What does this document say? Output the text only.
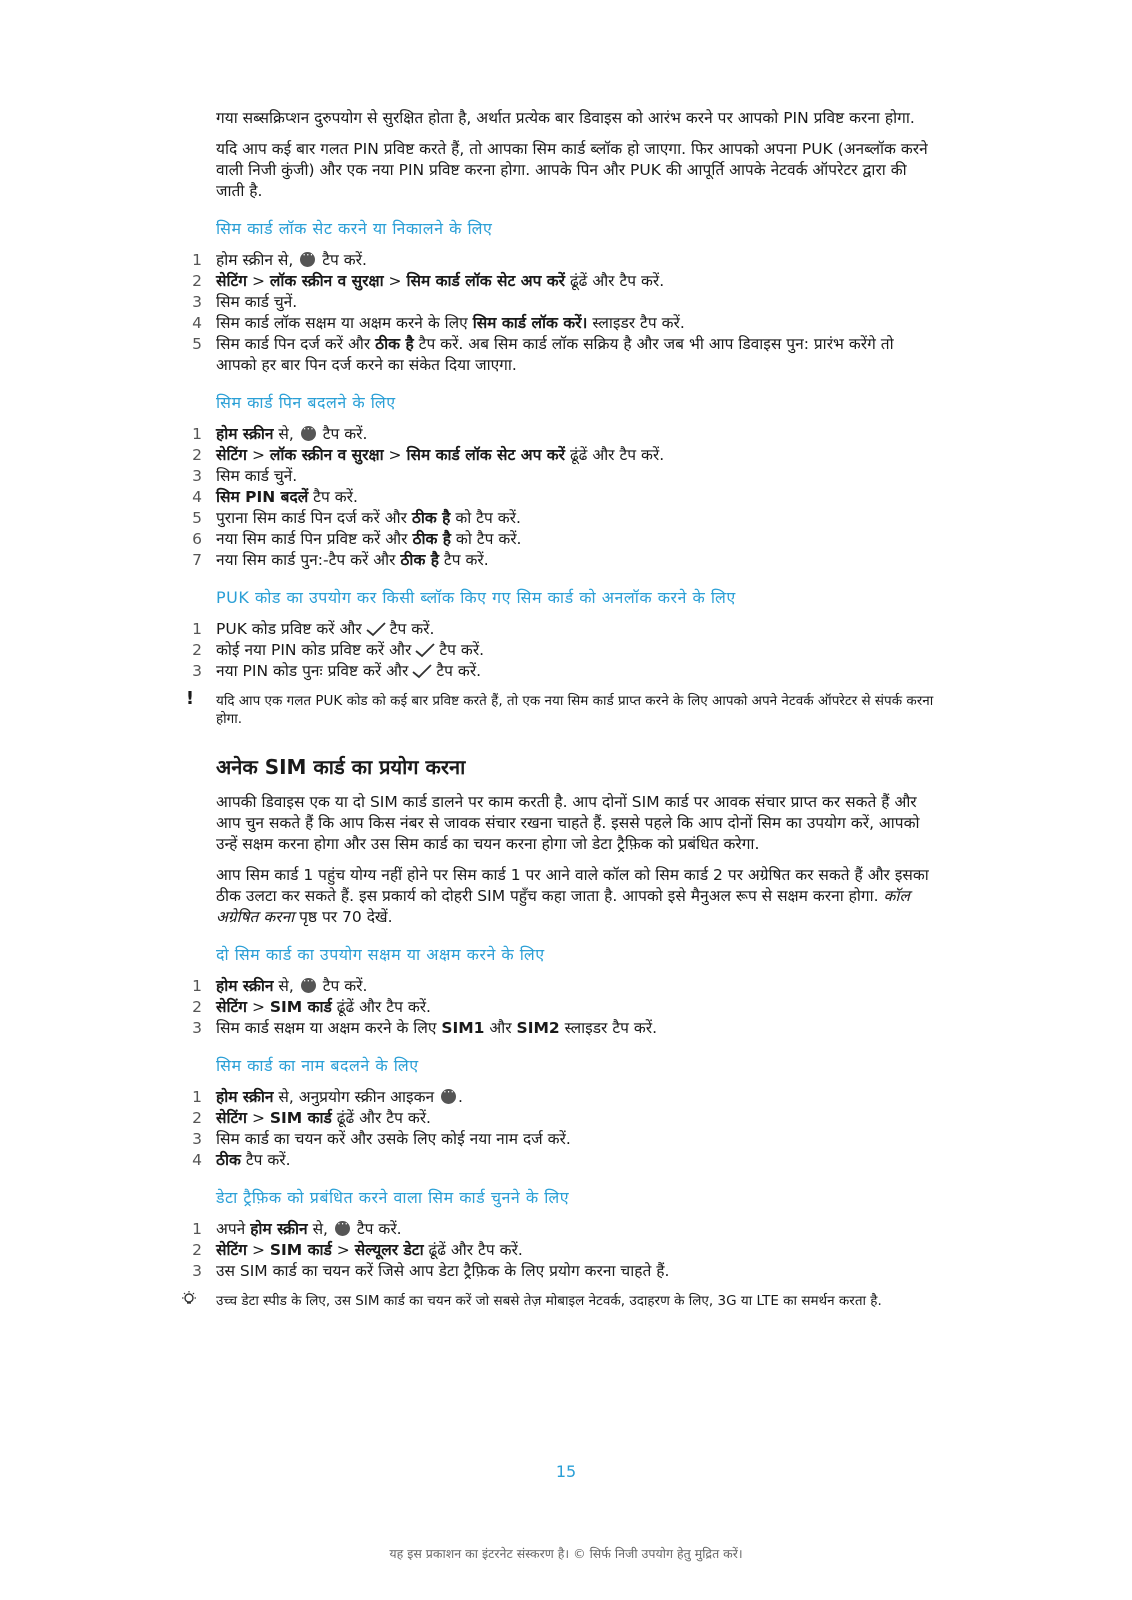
गया सब्सक्रिप्शन दुरुपयोग से सुरक्षित होता है, अर्थात प्रत्येक बार डिवाइस को आरंभ करने पर आपको PIN प्रविष्ट करना होगा.

यदि आप कई बार गलत PIN प्रविष्ट करते हैं, तो आपका सिम कार्ड ब्लॉक हो जाएगा. फिर आपको अपना PUK (अनब्लॉक करने वाली निजी कुंजी) और एक नया PIN प्रविष्ट करना होगा. आपके पिन और PUK की आपूर्ति आपके नेटवर्क ऑपरेटर द्वारा की जाती है.

सिम कार्ड लॉक सेट करने या निकालने के लिए
1 होम स्क्रीन से, ⋯ टैप करें.
2 सेटिंग > लॉक स्क्रीन व सुरक्षा > सिम कार्ड लॉक सेट अप करें ढूंढें और टैप करें.
3 सिम कार्ड चुनें.
4 सिम कार्ड लॉक सक्षम या अक्षम करने के लिए सिम कार्ड लॉक करें। स्लाइडर टैप करें.
5 सिम कार्ड पिन दर्ज करें और ठीक है टैप करें. अब सिम कार्ड लॉक सक्रिय है और जब भी आप डिवाइस पुन: प्रारंभ करेंगे तो आपको हर बार पिन दर्ज करने का संकेत दिया जाएगा.
सिम कार्ड पिन बदलने के लिए
1 होम स्क्रीन से, ⋯ टैप करें.
2 सेटिंग > लॉक स्क्रीन व सुरक्षा > सिम कार्ड लॉक सेट अप करें ढूंढें और टैप करें.
3 सिम कार्ड चुनें.
4 सिम PIN बदलें टैप करें.
5 पुराना सिम कार्ड पिन दर्ज करें और ठीक है को टैप करें.
6 नया सिम कार्ड पिन प्रविष्ट करें और ठीक है को टैप करें.
7 नया सिम कार्ड पुन:-टैप करें और ठीक है टैप करें.
PUK कोड का उपयोग कर किसी ब्लॉक किए गए सिम कार्ड को अनलॉक करने के लिए
1 PUK कोड प्रविष्ट करें और टैप करें.
2 कोई नया PIN कोड प्रविष्ट करें और टैप करें.
3 नया PIN कोड पुनः प्रविष्ट करें और टैप करें.
! यदि आप एक गलत PUK कोड को कई बार प्रविष्ट करते हैं, तो एक नया सिम कार्ड प्राप्त करने के लिए आपको अपने नेटवर्क ऑपरेटर से संपर्क करना होगा.
अनेक SIM कार्ड का प्रयोग करना

आपकी डिवाइस एक या दो SIM कार्ड डालने पर काम करती है. आप दोनों SIM कार्ड पर आवक संचार प्राप्त कर सकते हैं और आप चुन सकते हैं कि आप किस नंबर से जावक संचार रखना चाहते हैं. इससे पहले कि आप दोनों सिम का उपयोग करें, आपको उन्हें सक्षम करना होगा और उस सिम कार्ड का चयन करना होगा जो डेटा ट्रैफ़िक को प्रबंधित करेगा.

आप सिम कार्ड 1 पहुंच योग्य नहीं होने पर सिम कार्ड 1 पर आने वाले कॉल को सिम कार्ड 2 पर अग्रेषित कर सकते हैं और इसका ठीक उलटा कर सकते हैं. इस प्रकार्य को दोहरी SIM पहुँच कहा जाता है. आपको इसे मैनुअल रूप से सक्षम करना होगा. कॉल अग्रेषित करना पृष्ठ पर 70 देखें.

दो सिम कार्ड का उपयोग सक्षम या अक्षम करने के लिए
1 होम स्क्रीन से, ⋯ टैप करें.
2 सेटिंग > SIM कार्ड ढूंढें और टैप करें.
3 सिम कार्ड सक्षम या अक्षम करने के लिए SIM1 और SIM2 स्लाइडर टैप करें.
सिम कार्ड का नाम बदलने के लिए
1 होम स्क्रीन से, अनुप्रयोग स्क्रीन आइकन ⋯ .
2 सेटिंग > SIM कार्ड ढूंढें और टैप करें.
3 सिम कार्ड का चयन करें और उसके लिए कोई नया नाम दर्ज करें.
4 ठीक टैप करें.
डेटा ट्रैफ़िक को प्रबंधित करने वाला सिम कार्ड चुनने के लिए
1 अपने होम स्क्रीन से, ⋯ टैप करें.
2 सेटिंग > SIM कार्ड > सेल्यूलर डेटा ढूंढें और टैप करें.
3 उस SIM कार्ड का चयन करें जिसे आप डेटा ट्रैफ़िक के लिए प्रयोग करना चाहते हैं.
उच्च डेटा स्पीड के लिए, उस SIM कार्ड का चयन करें जो सबसे तेज़ मोबाइल नेटवर्क, उदाहरण के लिए, 3G या LTE का समर्थन करता है.
15
यह इस प्रकाशन का इंटरनेट संस्करण है। © सिर्फ निजी उपयोग हेतु मुद्रित करें।
